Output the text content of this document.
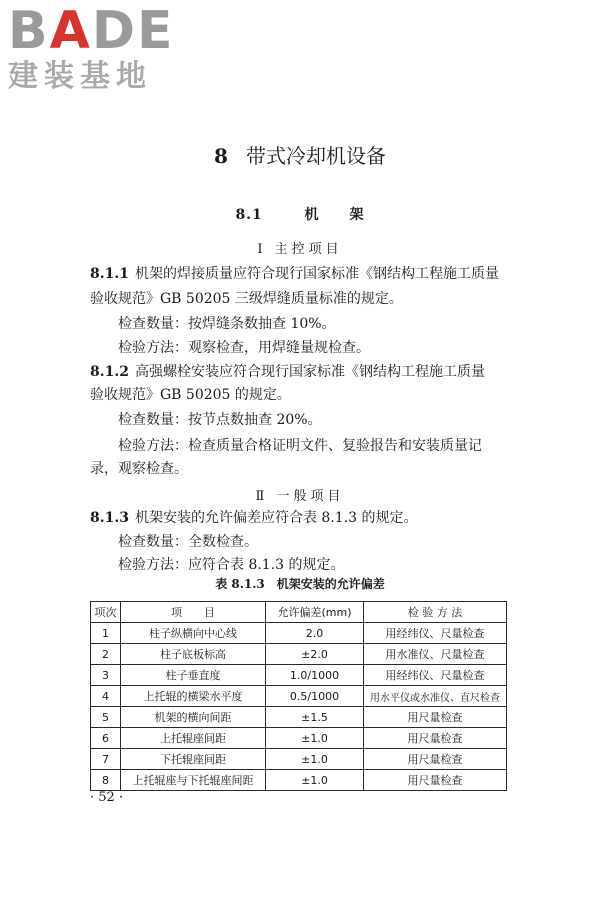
BADE
建装基地
8 带式冷却机设备
8.1	机 架
Ⅰ 主控项目
8.1.1 机架的焊接质量应符合现行国家标准《钢结构工程施工质量
验收规范》GB 50205 三级焊缝质量标准的规定。
检查数量：按焊缝条数抽查 10%。
检验方法：观察检查，用焊缝量规检查。
8.1.2 高强螺栓安装应符合现行国家标准《钢结构工程施工质量
验收规范》GB 50205 的规定。
检查数量：按节点数抽查 20%。
检验方法：检查质量合格证明文件、复验报告和安装质量记
录，观察检查。
Ⅱ 一般项目
8.1.3 机架安装的允许偏差应符合表 8.1.3 的规定。
检查数量：全数检查。
检验方法：应符合表 8.1.3 的规定。
表 8.1.3　机架安装的允许偏差
项次	项　　目	允许偏差(mm)	检 验 方 法
1	柱子纵横向中心线	2.0	用经纬仪、尺量检查
2	柱子底板标高	±2.0	用水准仪、尺量检查
3	柱子垂直度	1.0/1000	用经纬仪、尺量检查
4	上托辊的横梁水平度	0.5/1000	用水平仪或水准仪、直尺检查
5	机架的横向间距	±1.5	用尺量检查
6	上托辊座间距	±1.0	用尺量检查
7	下托辊座间距	±1.0	用尺量检查
8	上托辊座与下托辊座间距	±1.0	用尺量检查
· 52 ·
